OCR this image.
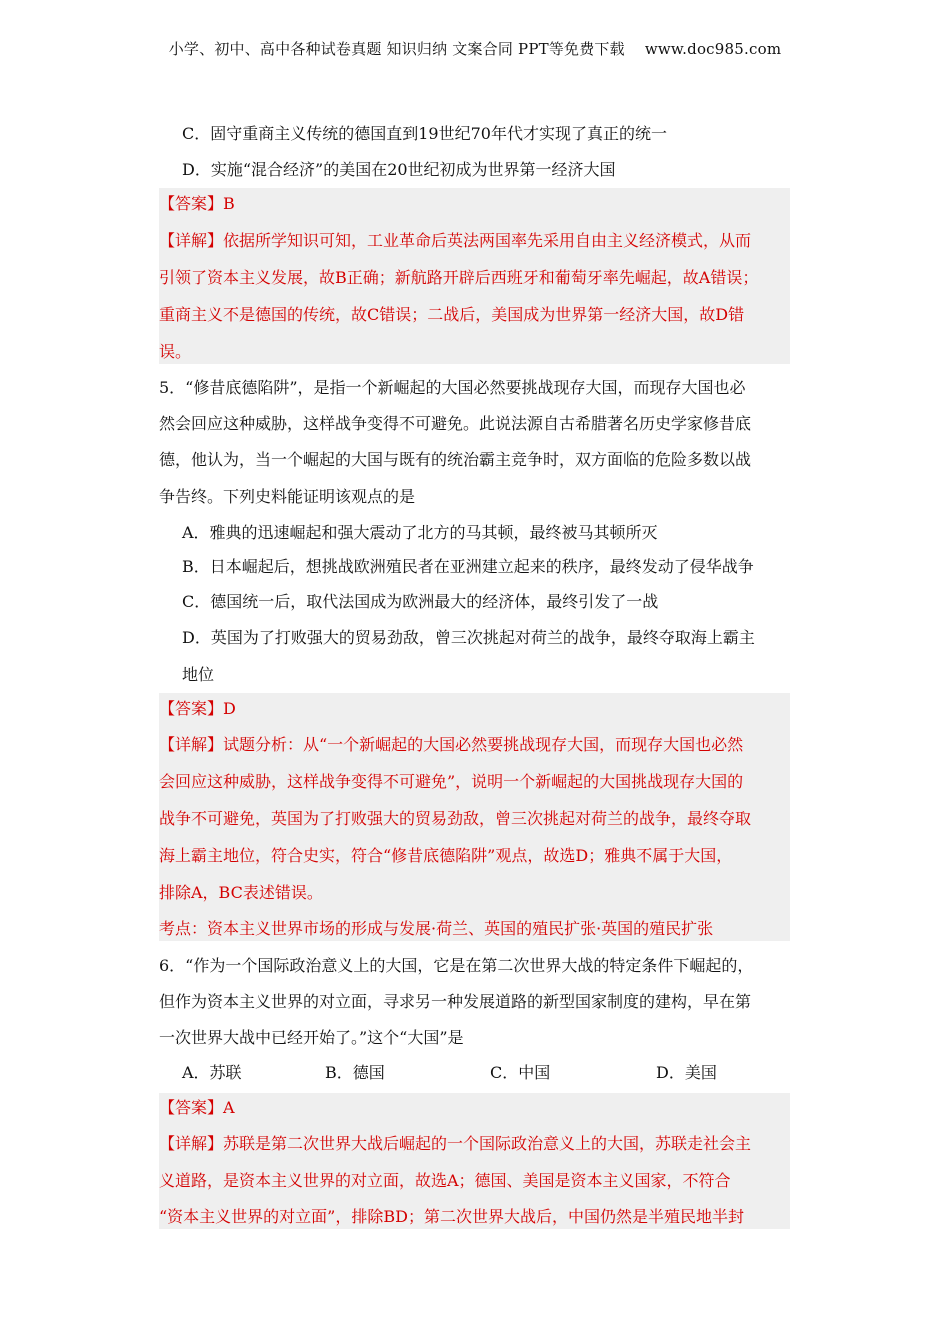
小学、初中、高中各种试卷真题 知识归纳 文案合同 PPT等免费下载 www.doc985.com
C．固守重商主义传统的德国直到19世纪70年代才实现了真正的统一
D．实施“混合经济”的美国在20世纪初成为世界第一经济大国
【答案】B
【详解】依据所学知识可知，工业革命后英法两国率先采用自由主义经济模式，从而
引领了资本主义发展，故B正确；新航路开辟后西班牙和葡萄牙率先崛起，故A错误；
重商主义不是德国的传统，故C错误；二战后，美国成为世界第一经济大国，故D错
误。
5．“修昔底德陷阱”，是指一个新崛起的大国必然要挑战现存大国，而现存大国也必
然会回应这种威胁，这样战争变得不可避免。此说法源自古希腊著名历史学家修昔底
德，他认为，当一个崛起的大国与既有的统治霸主竞争时，双方面临的危险多数以战
争告终。下列史料能证明该观点的是
A．雅典的迅速崛起和强大震动了北方的马其顿，最终被马其顿所灭
B．日本崛起后，想挑战欧洲殖民者在亚洲建立起来的秩序，最终发动了侵华战争
C．德国统一后，取代法国成为欧洲最大的经济体，最终引发了一战
D．英国为了打败强大的贸易劲敌，曾三次挑起对荷兰的战争，最终夺取海上霸主
地位
【答案】D
【详解】试题分析：从“一个新崛起的大国必然要挑战现存大国，而现存大国也必然
会回应这种威胁，这样战争变得不可避免”，说明一个新崛起的大国挑战现存大国的
战争不可避免，英国为了打败强大的贸易劲敌，曾三次挑起对荷兰的战争，最终夺取
海上霸主地位，符合史实，符合“修昔底德陷阱”观点，故选D；雅典不属于大国，
排除A，BC表述错误。
考点：资本主义世界市场的形成与发展·荷兰、英国的殖民扩张·英国的殖民扩张
6．“作为一个国际政治意义上的大国，它是在第二次世界大战的特定条件下崛起的，
但作为资本主义世界的对立面，寻求另一种发展道路的新型国家制度的建构，早在第
一次世界大战中已经开始了。”这个“大国”是
A．苏联	B．德国	C．中国	D．美国
【答案】A
【详解】苏联是第二次世界大战后崛起的一个国际政治意义上的大国，苏联走社会主
义道路，是资本主义世界的对立面，故选A；德国、美国是资本主义国家，不符合
“资本主义世界的对立面”，排除BD；第二次世界大战后，中国仍然是半殖民地半封
